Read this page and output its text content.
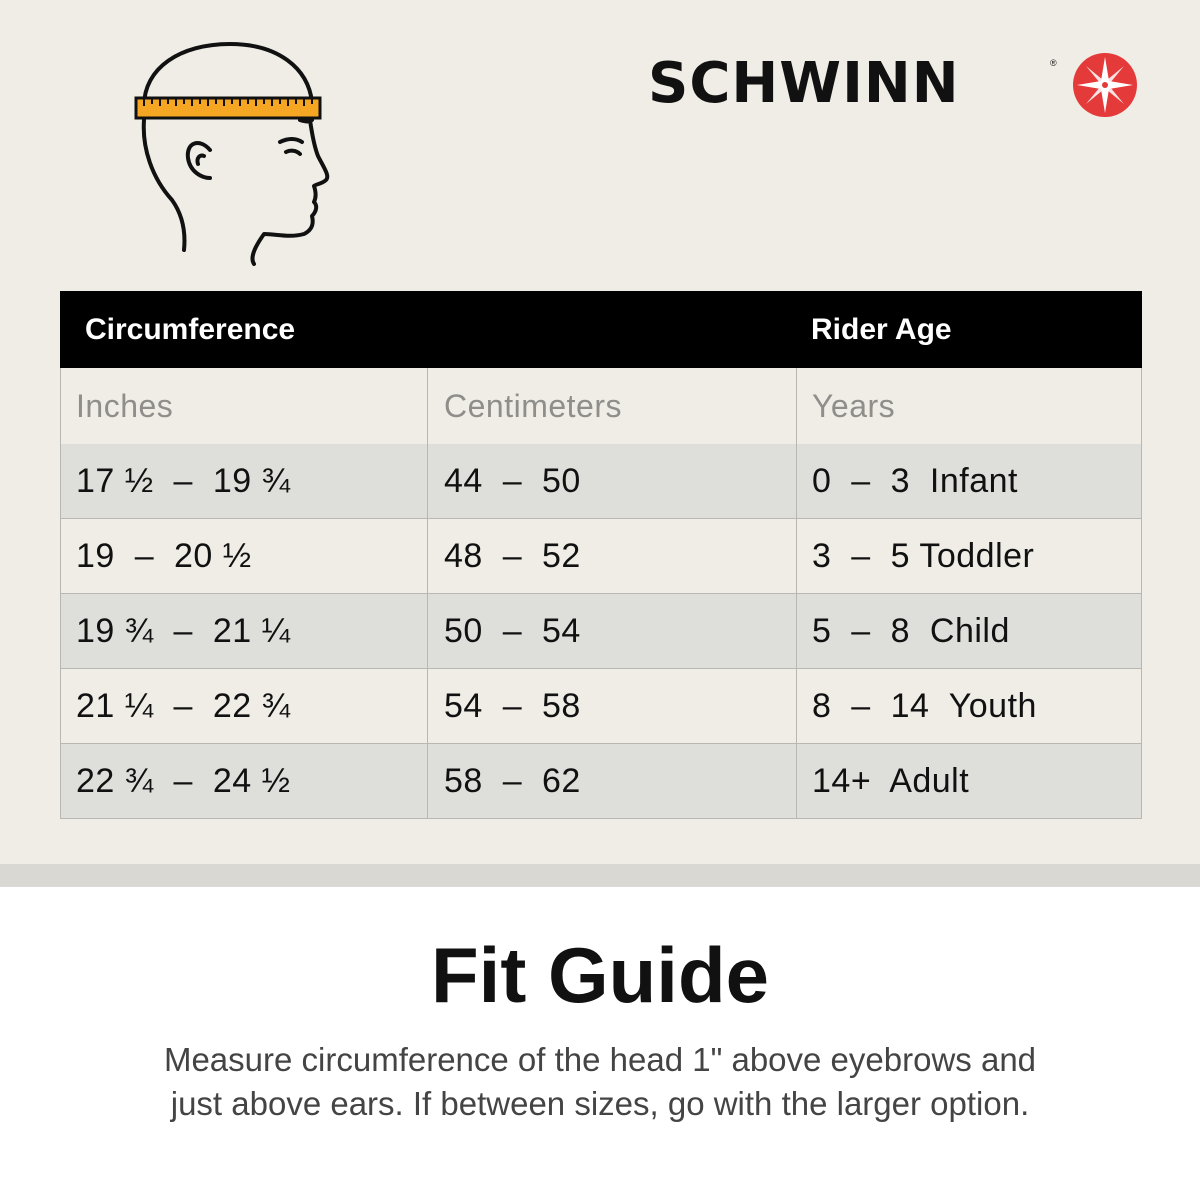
SCHWINN	®
Circumference	Rider Age
Inches	Centimeters	Years
17 ½  –  19 ¾	44  –  50	0  –  3  Infant
19  –  20 ½	48  –  52	3  –  5 Toddler
19 ¾  –  21 ¼	50  –  54	5  –  8  Child
21 ¼  –  22 ¾	54  –  58	8  –  14  Youth
22 ¾  –  24 ½	58  –  62	14+  Adult
Fit Guide
Measure circumference of the head 1" above eyebrows and
just above ears. If between sizes, go with the larger option.
